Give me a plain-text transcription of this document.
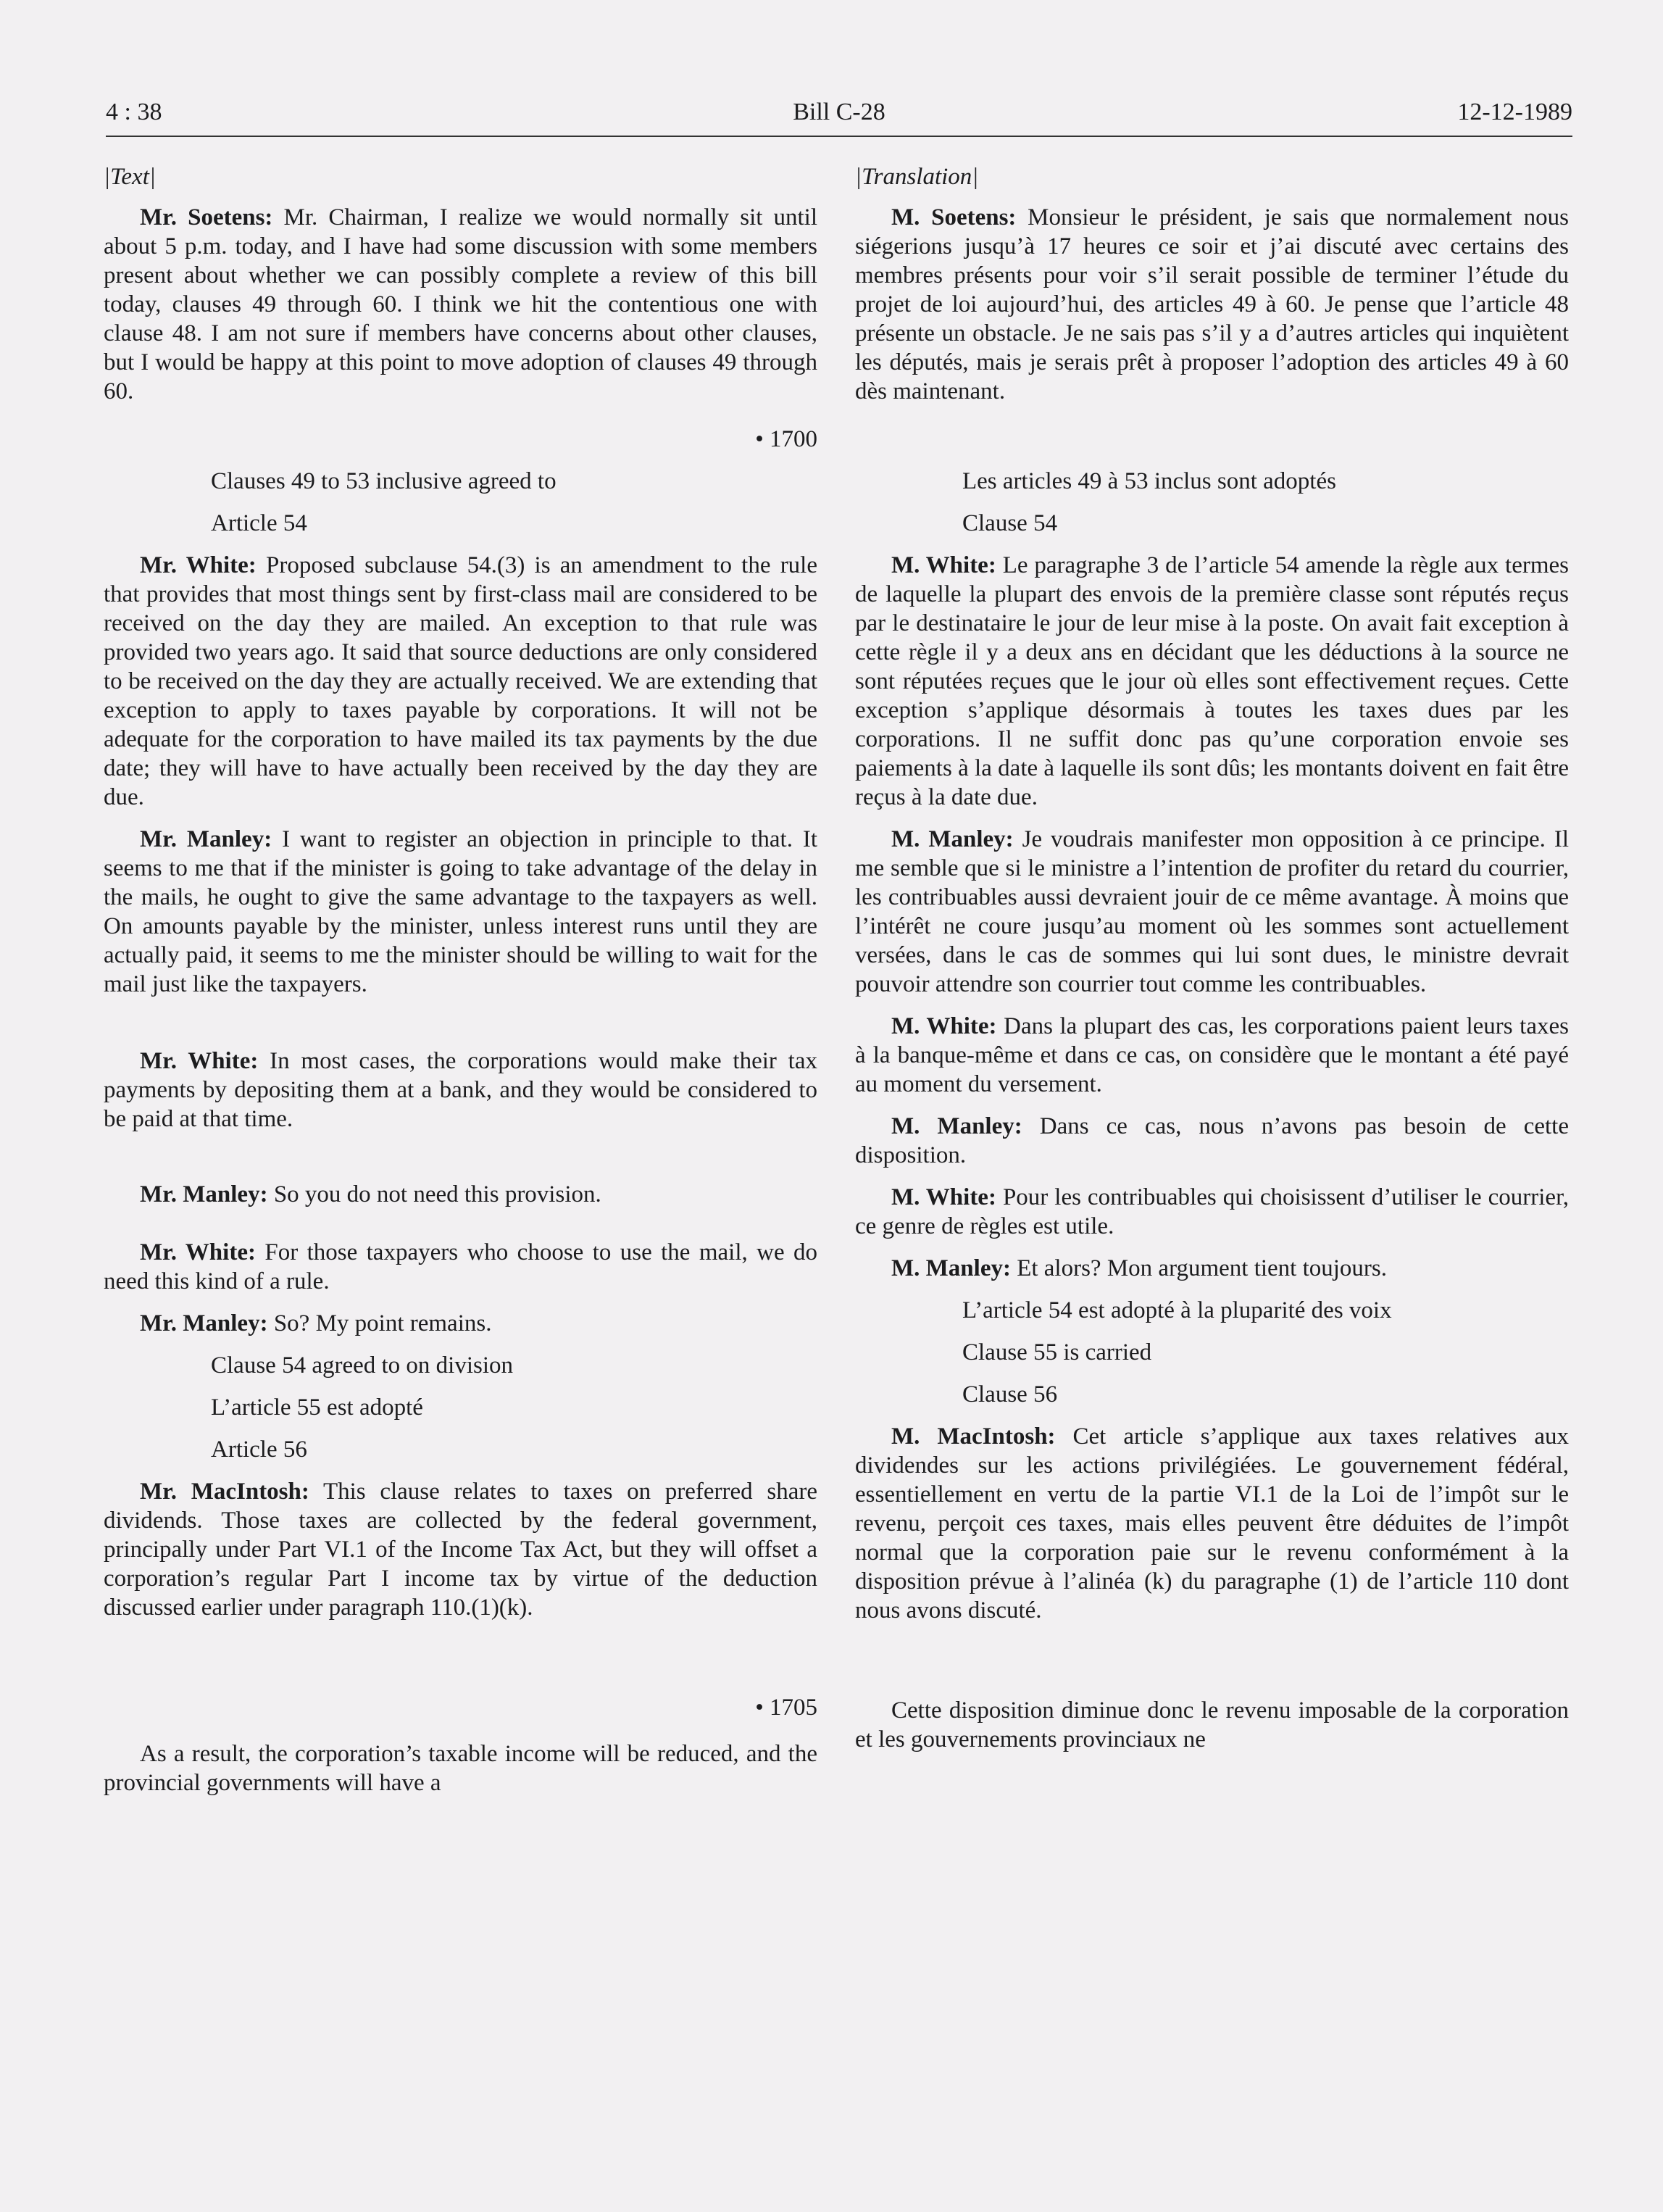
4 : 38	Bill C-28	12-12-1989

|Text|

Mr. Soetens: Mr. Chairman, I realize we would normally sit until about 5 p.m. today, and I have had some discussion with some members present about whether we can possibly complete a review of this bill today, clauses 49 through 60. I think we hit the contentious one with clause 48. I am not sure if members have concerns about other clauses, but I would be happy at this point to move adoption of clauses 49 through 60.

• 1700

Clauses 49 to 53 inclusive agreed to

Article 54

Mr. White: Proposed subclause 54.(3) is an amendment to the rule that provides that most things sent by first-class mail are considered to be received on the day they are mailed. An exception to that rule was provided two years ago. It said that source deductions are only considered to be received on the day they are actually received. We are extending that exception to apply to taxes payable by corporations. It will not be adequate for the corporation to have mailed its tax payments by the due date; they will have to have actually been received by the day they are due.

Mr. Manley: I want to register an objection in principle to that. It seems to me that if the minister is going to take advantage of the delay in the mails, he ought to give the same advantage to the taxpayers as well. On amounts payable by the minister, unless interest runs until they are actually paid, it seems to me the minister should be willing to wait for the mail just like the taxpayers.

Mr. White: In most cases, the corporations would make their tax payments by depositing them at a bank, and they would be considered to be paid at that time.

Mr. Manley: So you do not need this provision.

Mr. White: For those taxpayers who choose to use the mail, we do need this kind of a rule.

Mr. Manley: So? My point remains.

Clause 54 agreed to on division

L’article 55 est adopté

Article 56

Mr. MacIntosh: This clause relates to taxes on preferred share dividends. Those taxes are collected by the federal government, principally under Part VI.1 of the Income Tax Act, but they will offset a corporation’s regular Part I income tax by virtue of the deduction discussed earlier under paragraph 110.(1)(k).

• 1705

As a result, the corporation’s taxable income will be reduced, and the provincial governments will have a

|Translation|

M. Soetens: Monsieur le président, je sais que normalement nous siégerions jusqu’à 17 heures ce soir et j’ai discuté avec certains des membres présents pour voir s’il serait possible de terminer l’étude du projet de loi aujourd’hui, des articles 49 à 60. Je pense que l’article 48 présente un obstacle. Je ne sais pas s’il y a d’autres articles qui inquiètent les députés, mais je serais prêt à proposer l’adoption des articles 49 à 60 dès maintenant.

Les articles 49 à 53 inclus sont adoptés

Clause 54

M. White: Le paragraphe 3 de l’article 54 amende la règle aux termes de laquelle la plupart des envois de la première classe sont réputés reçus par le destinataire le jour de leur mise à la poste. On avait fait exception à cette règle il y a deux ans en décidant que les déductions à la source ne sont réputées reçues que le jour où elles sont effectivement reçues. Cette exception s’applique désormais à toutes les taxes dues par les corporations. Il ne suffit donc pas qu’une corporation envoie ses paiements à la date à laquelle ils sont dûs; les montants doivent en fait être reçus à la date due.

M. Manley: Je voudrais manifester mon opposition à ce principe. Il me semble que si le ministre a l’intention de profiter du retard du courrier, les contribuables aussi devraient jouir de ce même avantage. À moins que l’intérêt ne coure jusqu’au moment où les sommes sont actuellement versées, dans le cas de sommes qui lui sont dues, le ministre devrait pouvoir attendre son courrier tout comme les contribuables.

M. White: Dans la plupart des cas, les corporations paient leurs taxes à la banque-même et dans ce cas, on considère que le montant a été payé au moment du versement.

M. Manley: Dans ce cas, nous n’avons pas besoin de cette disposition.

M. White: Pour les contribuables qui choisissent d’utiliser le courrier, ce genre de règles est utile.

M. Manley: Et alors? Mon argument tient toujours.

L’article 54 est adopté à la pluparité des voix

Clause 55 is carried

Clause 56

M. MacIntosh: Cet article s’applique aux taxes relatives aux dividendes sur les actions privilégiées. Le gouvernement fédéral, essentiellement en vertu de la partie VI.1 de la Loi de l’impôt sur le revenu, perçoit ces taxes, mais elles peuvent être déduites de l’impôt normal que la corporation paie sur le revenu conformément à la disposition prévue à l’alinéa (k) du paragraphe (1) de l’article 110 dont nous avons discuté.

Cette disposition diminue donc le revenu imposable de la corporation et les gouvernements provinciaux ne
